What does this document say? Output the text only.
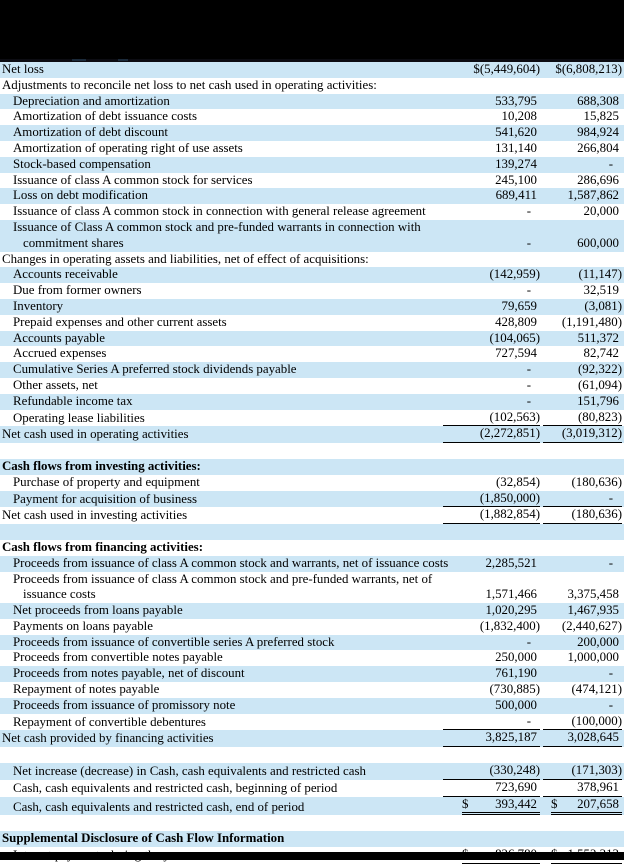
Net loss	$(5,449,604) $(6,808,213)
Adjustments to reconcile net loss to net cash used in operating activities:
Depreciation and amortization	533,795	688,308
Amortization of debt issuance costs	10,208	15,825
Amortization of debt discount	541,620	984,924
Amortization of operating right of use assets	131,140	266,804
Stock-based compensation	139,274	-
Issuance of class A common stock for services	245,100	286,696
Loss on debt modification	689,411 1,587,862
Issuance of class A common stock in connection with general release agreement	-	20,000
Issuance of Class A common stock and pre-funded warrants in connection with
commitment shares	-	600,000
Changes in operating assets and liabilities, net of effect of acquisitions:
Accounts receivable	(142,959)	(11,147)
Due from former owners	-	32,519
Inventory	79,659	(3,081)
Prepaid expenses and other current assets	428,809 (1,191,480)
Accounts payable	(104,065)	511,372
Accrued expenses	727,594	82,742
Cumulative Series A preferred stock dividends payable	-	(92,322)
Other assets, net	-	(61,094)
Refundable income tax	-	151,796
Operating lease liabilities	(102,563)	(80,823)
Net cash used in operating activities	(2,272,851) (3,019,312)
Cash flows from investing activities:
Purchase of property and equipment	(32,854) (180,636)
Payment for acquisition of business	(1,850,000)	-
Net cash used in investing activities	(1,882,854) (180,636)
Cash flows from financing activities:
Proceeds from issuance of class A common stock and warrants, net of issuance costs	2,285,521	-
Proceeds from issuance of class A common stock and pre-funded warrants, net of
issuance costs	1,571,466 3,375,458
Net proceeds from loans payable	1,020,295 1,467,935
Payments on loans payable	(1,832,400) (2,440,627)
Proceeds from issuance of convertible series A preferred stock	-	200,000
Proceeds from convertible notes payable	250,000 1,000,000
Proceeds from notes payable, net of discount	761,190	-
Repayment of notes payable	(730,885) (474,121)
Proceeds from issuance of promissory note	500,000	-
Repayment of convertible debentures	-	(100,000)
Net cash provided by financing activities	3,825,187 3,028,645
Net increase (decrease) in Cash, cash equivalents and restricted cash	(330,248) (171,303)
Cash, cash equivalents and restricted cash, beginning of period	723,690	378,961
Cash, cash equivalents and restricted cash, end of period	$ 393,442 $ 207,658
Supplemental Disclosure of Cash Flow Information
Interest payments during the year	$ 826,780 $ 1,552,313
